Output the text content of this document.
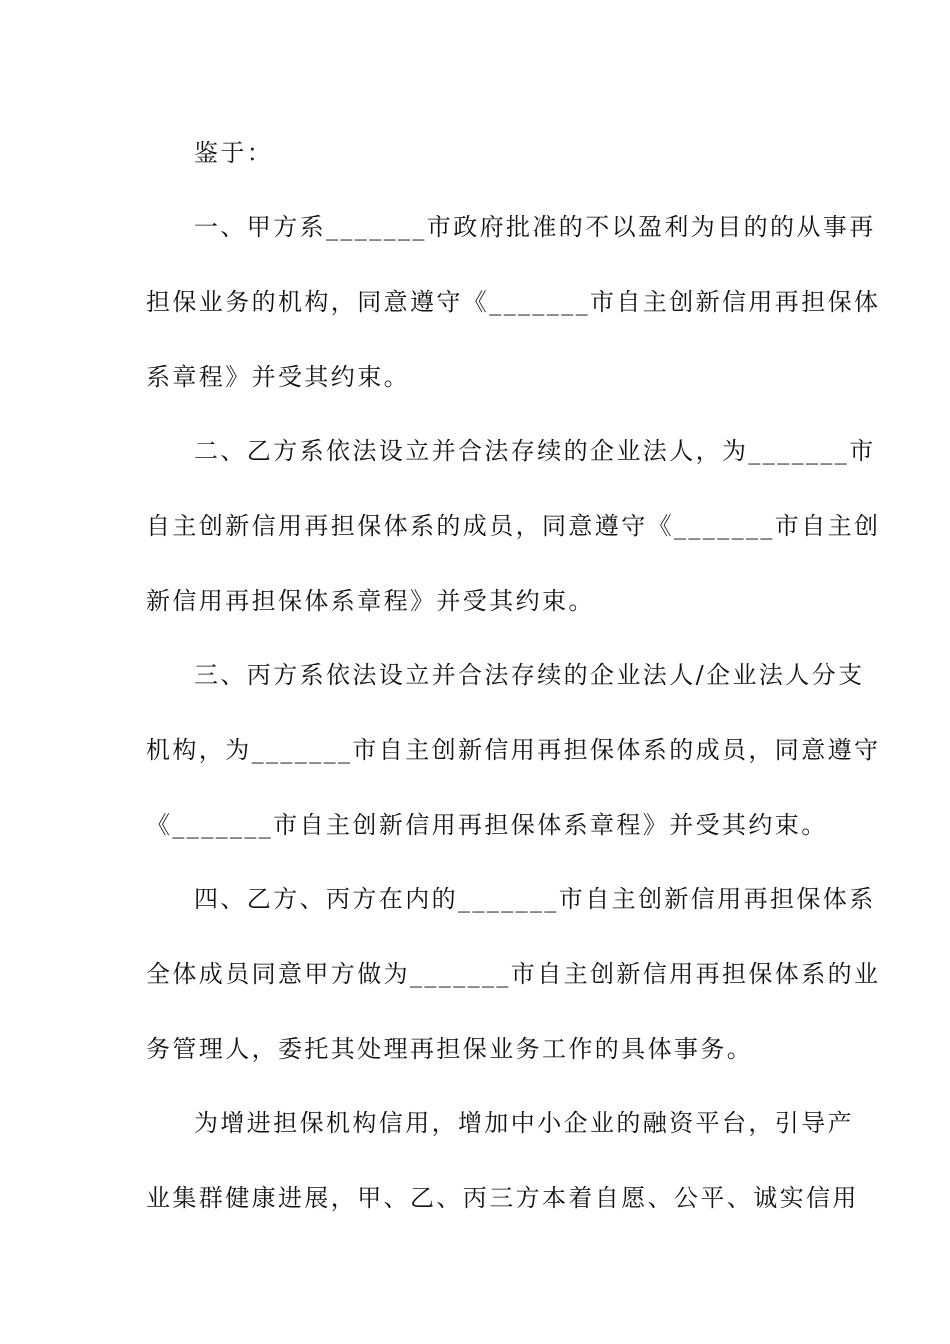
鉴于：
一、甲方系_______市政府批准的不以盈利为目的的从事再
担保业务的机构，同意遵守《_______市自主创新信用再担保体
系章程》并受其约束。
二、乙方系依法设立并合法存续的企业法人，为_______市
自主创新信用再担保体系的成员，同意遵守《_______市自主创
新信用再担保体系章程》并受其约束。
三、丙方系依法设立并合法存续的企业法人/企业法人分支
机构，为_______市自主创新信用再担保体系的成员，同意遵守
《_______市自主创新信用再担保体系章程》并受其约束。
四、乙方、丙方在内的_______市自主创新信用再担保体系
全体成员同意甲方做为_______市自主创新信用再担保体系的业
务管理人，委托其处理再担保业务工作的具体事务。
为增进担保机构信用，增加中小企业的融资平台，引导产
业集群健康进展，甲、乙、丙三方本着自愿、公平、诚实信用
